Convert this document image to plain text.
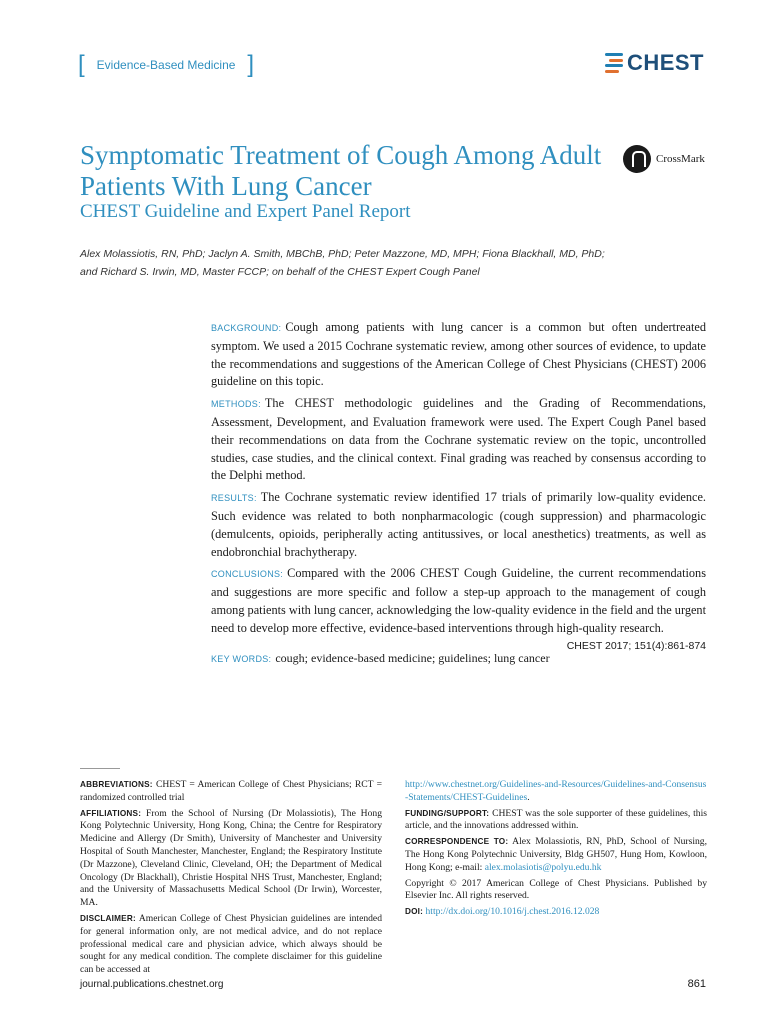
[	Evidence-Based Medicine ]	CHEST
Symptomatic Treatment of Cough Among Adult Patients With Lung Cancer
CHEST Guideline and Expert Panel Report
CrossMark
Alex Molassiotis, RN, PhD; Jaclyn A. Smith, MBChB, PhD; Peter Mazzone, MD, MPH; Fiona Blackhall, MD, PhD;
and Richard S. Irwin, MD, Master FCCP; on behalf of the CHEST Expert Cough Panel

BACKGROUND: Cough among patients with lung cancer is a common but often undertreated symptom. We used a 2015 Cochrane systematic review, among other sources of evidence, to update the recommendations and suggestions of the American College of Chest Physicians (CHEST) 2006 guideline on this topic.

METHODS: The CHEST methodologic guidelines and the Grading of Recommendations, Assessment, Development, and Evaluation framework were used. The Expert Cough Panel based their recommendations on data from the Cochrane systematic review on the topic, uncontrolled studies, case studies, and the clinical context. Final grading was reached by consensus according to the Delphi method.

RESULTS: The Cochrane systematic review identified 17 trials of primarily low-quality evidence. Such evidence was related to both nonpharmacologic (cough suppression) and pharmacologic (demulcents, opioids, peripherally acting antitussives, or local anesthetics) treatments, as well as endobronchial brachytherapy.

CONCLUSIONS: Compared with the 2006 CHEST Cough Guideline, the current recommendations and suggestions are more specific and follow a step-up approach to the management of cough among patients with lung cancer, acknowledging the low-quality evidence in the field and the urgent need to develop more effective, evidence-based interventions through high-quality research.
CHEST 2017; 151(4):861-874

KEY WORDS: cough; evidence-based medicine; guidelines; lung cancer

ABBREVIATIONS: CHEST = American College of Chest Physicians; RCT = randomized controlled trial

AFFILIATIONS: From the School of Nursing (Dr Molassiotis), The Hong Kong Polytechnic University, Hong Kong, China; the Centre for Respiratory Medicine and Allergy (Dr Smith), University of Manchester and University Hospital of South Manchester, Manchester, England; the Respiratory Institute (Dr Mazzone), Cleveland Clinic, Cleveland, OH; the Department of Medical Oncology (Dr Blackhall), Christie Hospital NHS Trust, Manchester, England; and the University of Massachusetts Medical School (Dr Irwin), Worcester, MA.

DISCLAIMER: American College of Chest Physician guidelines are intended for general information only, are not medical advice, and do not replace professional medical care and physician advice, which always should be sought for any medical condition. The complete disclaimer for this guideline can be accessed at

http://www.chestnet.org/Guidelines-and-Resources/Guidelines-and-Consensus-Statements/CHEST-Guidelines.

FUNDING/SUPPORT: CHEST was the sole supporter of these guidelines, this article, and the innovations addressed within.

CORRESPONDENCE TO: Alex Molassiotis, RN, PhD, School of Nursing, The Hong Kong Polytechnic University, Bldg GH507, Hung Hom, Kowloon, Hong Kong; e-mail: alex.molasiotis@polyu.edu.hk

Copyright © 2017 American College of Chest Physicians. Published by Elsevier Inc. All rights reserved.

DOI: http://dx.doi.org/10.1016/j.chest.2016.12.028

journal.publications.chestnet.org	861
